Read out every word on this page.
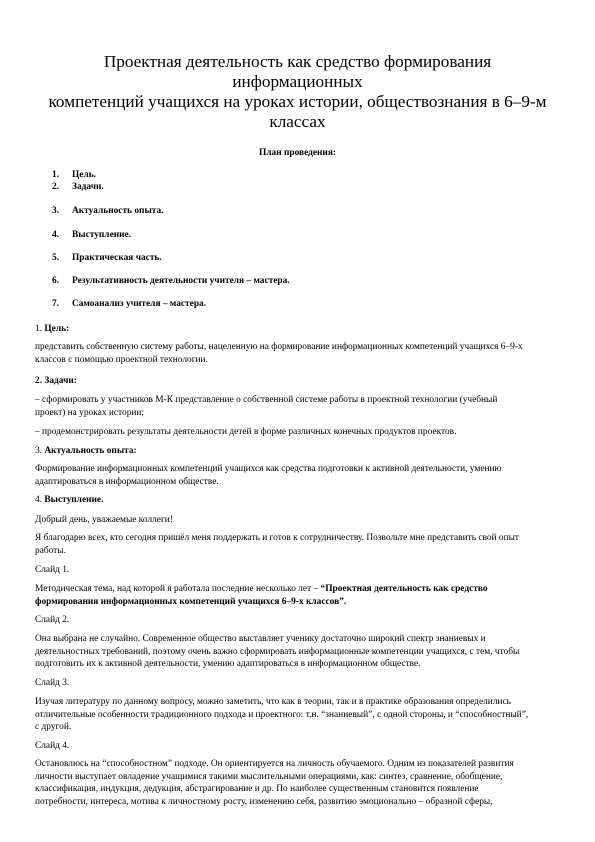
Проектная деятельность как средство формирования информационных
компетенций учащихся на уроках истории, обществознания в 6–9-м
классах
План проведения:
1. Цель.
2. Задачи.
3. Актуальность опыта.
4. Выступление.
5. Практическая часть.
6. Результативность деятельности учителя – мастера.
7. Самоанализ учителя – мастера.

1. Цель:

представить собственную систему работы, нацеленную на формирование информационных компетенций учащихся 6–9-х
классов с помощью проектной технологии.

2. Задачи:

– сформировать у участников М-К представление о собственной системе работы в проектной технологии (учебный
проект) на уроках истории;

– продемонстрировать результаты деятельности детей в форме различных конечных продуктов проектов.

3. Актуальность опыта:

Формирование информационных компетенций учащихся как средства подготовки к активной деятельности, умению
адаптироваться в информационном обществе.

4. Выступление.

Добрый день, уважаемые коллеги!

Я благодарю всех, кто сегодня пришёл меня поддержать и готов к сотрудничеству. Позвольте мне представить свой опыт
работы.

Слайд 1.

Методическая тема, над которой я работала последние несколько лет – “Проектная деятельность как средство
формирования информационных компетенций учащихся 6–9-х классов”.

Слайд 2.

Она выбрана не случайно. Современное общество выставляет ученику достаточно широкий спектр знаниевых и
деятельностных требований, поэтому очень важно сформировать информационные компетенции учащихся, с тем, чтобы
подготовить их к активной деятельности, умению адаптироваться в информационном обществе.

Слайд 3.

Изучая литературу по данному вопросу, можно заметить, что как в теории, так и в практике образования определились
отличительные особенности традиционного подхода и проектного: т.н. “знаниевый”, с одной стороны, и “способностный”,
с другой.

Слайд 4.

Остановлюсь на “способностном” подходе. Он ориентируется на личность обучаемого. Одним из показателей развития
личности выступает овладение учащимися такими мыслительными операциями, как: синтез, сравнение, обобщение,
классификация, индукция, дедукция, абстрагирование и др. По наиболее существенным становится появление
потребности, интереса, мотива к личностному росту, изменению себя, развитию эмоционально – образной сферы,
